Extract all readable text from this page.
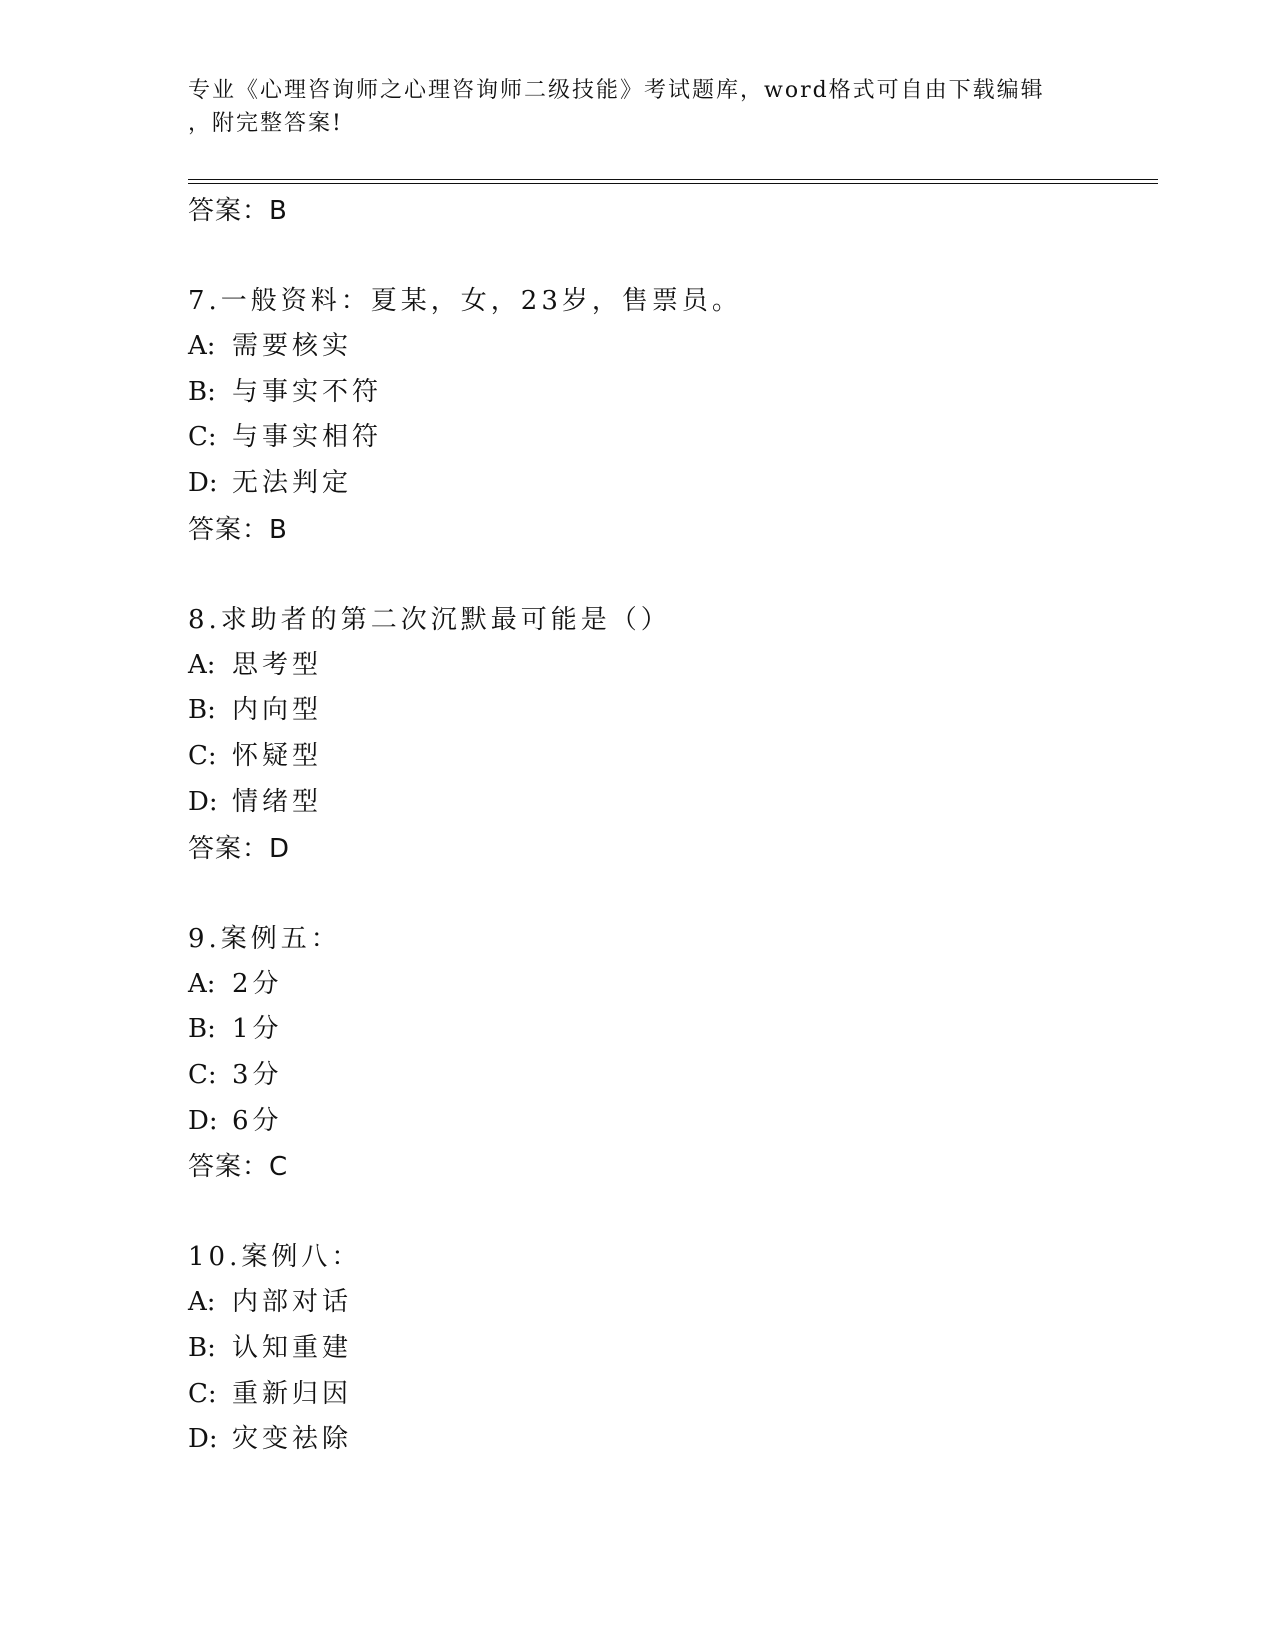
专业《心理咨询师之心理咨询师二级技能》考试题库，word格式可自由下载编辑
，附完整答案!
答案：B
7.一般资料：夏某，女，23岁，售票员。
A: 需要核实
B: 与事实不符
C: 与事实相符
D: 无法判定
答案：B
8.求助者的第二次沉默最可能是（）
A: 思考型
B: 内向型
C: 怀疑型
D: 情绪型
答案：D
9.案例五：
A: 2分
B: 1分
C: 3分
D: 6分
答案：C
10.案例八：
A: 内部对话
B: 认知重建
C: 重新归因
D: 灾变祛除
